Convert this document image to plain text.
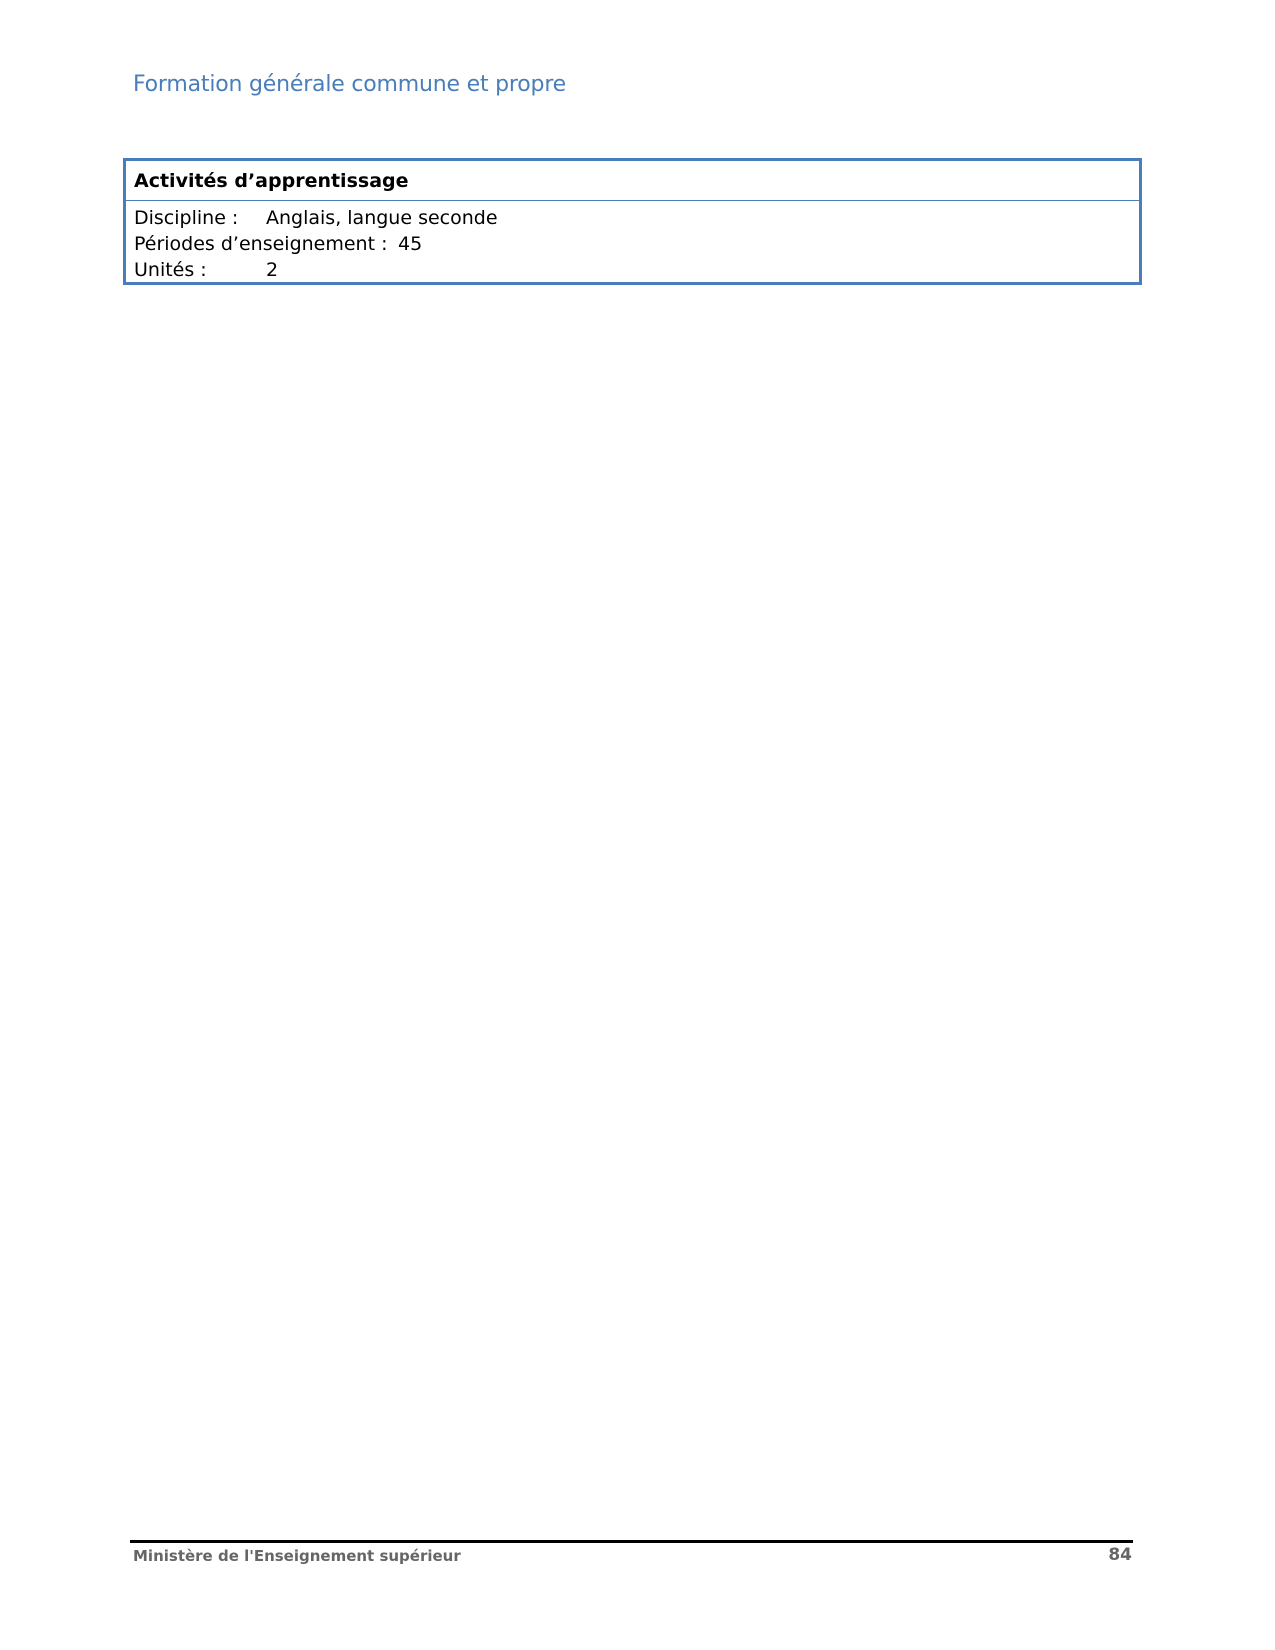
Formation générale commune et propre
Activités d’apprentissage
Discipline : Anglais, langue seconde
Périodes d’enseignement : 45
Unités :	2
Ministère de l'Enseignement supérieur	84
